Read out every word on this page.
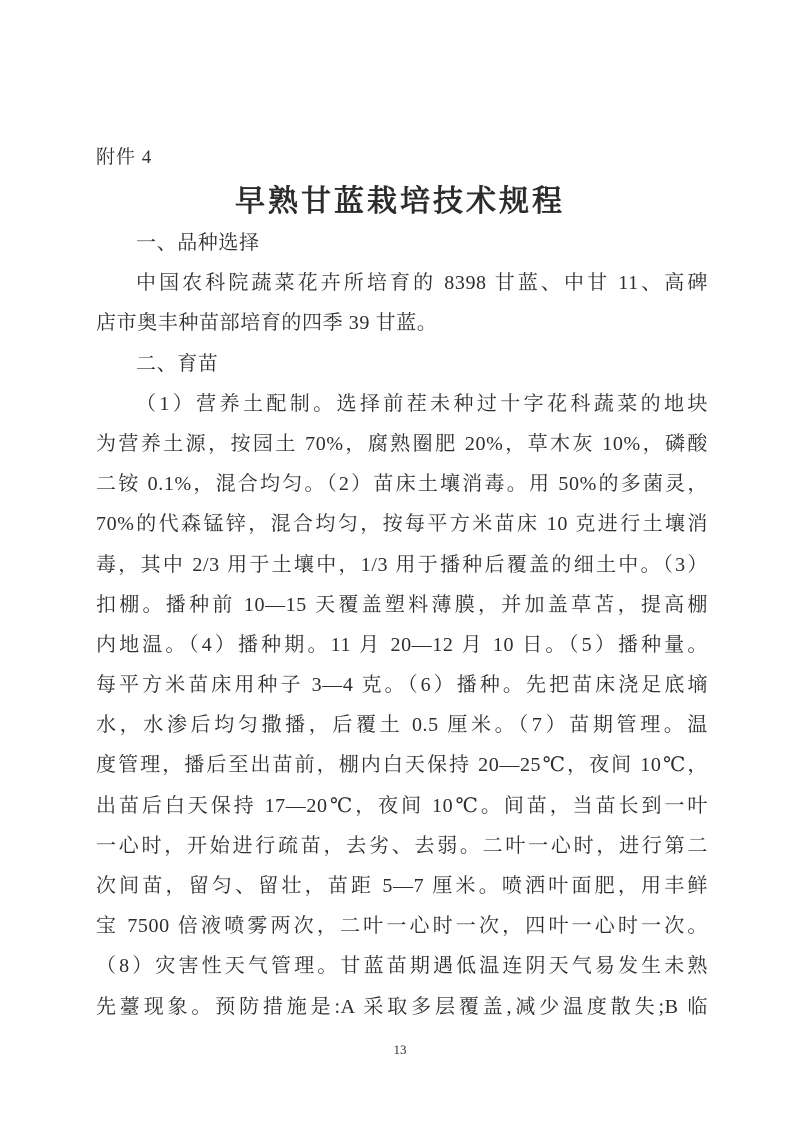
附件 4
早熟甘蓝栽培技术规程
一、品种选择
中国农科院蔬菜花卉所培育的 8398 甘蓝、中甘 11、高碑
店市奥丰种苗部培育的四季 39 甘蓝。
二、育苗
（1）营养土配制。选择前茬未种过十字花科蔬菜的地块
为营养土源，按园土 70%，腐熟圈肥 20%，草木灰 10%，磷酸
二铵 0.1%，混合均匀。（2）苗床土壤消毒。用 50%的多菌灵，
70%的代森锰锌，混合均匀，按每平方米苗床 10 克进行土壤消
毒，其中 2/3 用于土壤中，1/3 用于播种后覆盖的细土中。（3）
扣棚。播种前 10—15 天覆盖塑料薄膜，并加盖草苫，提高棚
内地温。（4）播种期。11 月 20—12 月 10 日。（5）播种量。
每平方米苗床用种子 3—4 克。（6）播种。先把苗床浇足底墒
水，水渗后均匀撒播，后覆土 0.5 厘米。（7）苗期管理。温
度管理，播后至出苗前，棚内白天保持 20—25℃，夜间 10℃，
出苗后白天保持 17—20℃，夜间 10℃。间苗，当苗长到一叶
一心时，开始进行疏苗，去劣、去弱。二叶一心时，进行第二
次间苗，留匀、留壮，苗距 5—7 厘米。喷洒叶面肥，用丰鲜
宝 7500 倍液喷雾两次，二叶一心时一次，四叶一心时一次。
（8）灾害性天气管理。甘蓝苗期遇低温连阴天气易发生未熟
先薹现象。预防措施是:A 采取多层覆盖,减少温度散失;B 临
13
